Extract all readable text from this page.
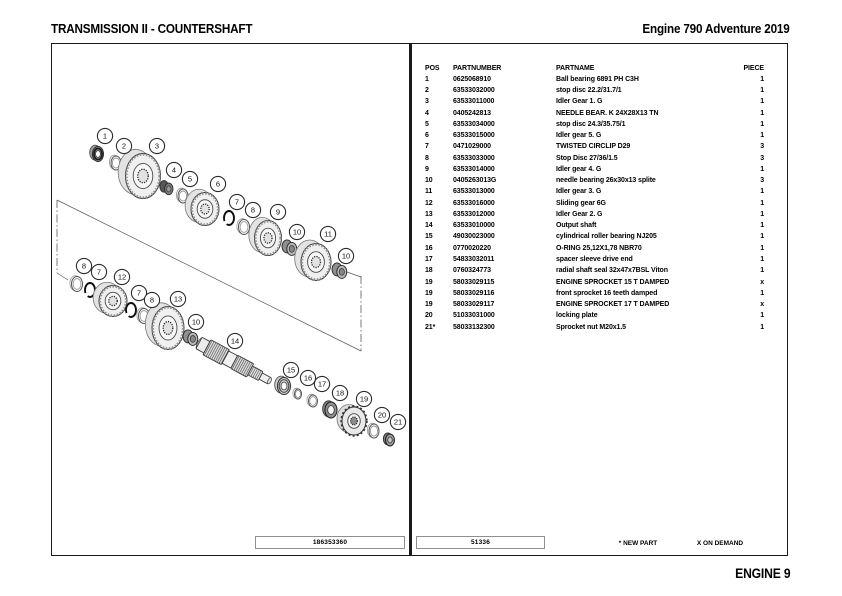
TRANSMISSION II - COUNTERSHAFT	Engine 790 Adventure 2019
1
2	3
4
5
6
7
8	9
10	11
10
8
7
12
7
8	13
10
14
15
16
17
18
19
20
21
POS	PARTNUMBER	PARTNAME	PIECE
1	0625068910	Ball bearing 6891 PH C3H	1
2	63533032000	stop disc 22.2/31.7/1	1
3	63533011000	Idler Gear 1. G	1
4	0405242813	NEEDLE BEAR. K 24X28X13 TN	1
5	63533034000	stop disc 24.3/35.75/1	1
6	63533015000	Idler gear 5. G	1
7	0471029000	TWISTED CIRCLIP D29	3
8	63533033000	Stop Disc 27/36/1.5	3
9	63533014000	Idler gear 4. G	1
10	0405263013G	needle bearing 26x30x13 splite	3
11	63533013000	Idler gear 3. G	1
12	63533016000	Sliding gear 6G	1
13	63533012000	Idler Gear 2. G	1
14	63533010000	Output shaft	1
15	49030023000	cylindrical roller bearing NJ205	1
16	0770020220	O-RING 25,12X1,78 NBR70	1
17	54833032011	spacer sleeve drive end	1
18	0760324773	radial shaft seal 32x47x7BSL Viton	1
19	58033029115	ENGINE SPROCKET 15 T DAMPED	x
19	58033029116	front sprocket 16 teeth damped	1
19	58033029117	ENGINE SPROCKET 17 T DAMPED	x
20	51033031000	locking plate	1
21*	58033132300	Sprocket nut M20x1.5	1
186353360	51336	* NEW PART	X ON DEMAND
ENGINE 9
